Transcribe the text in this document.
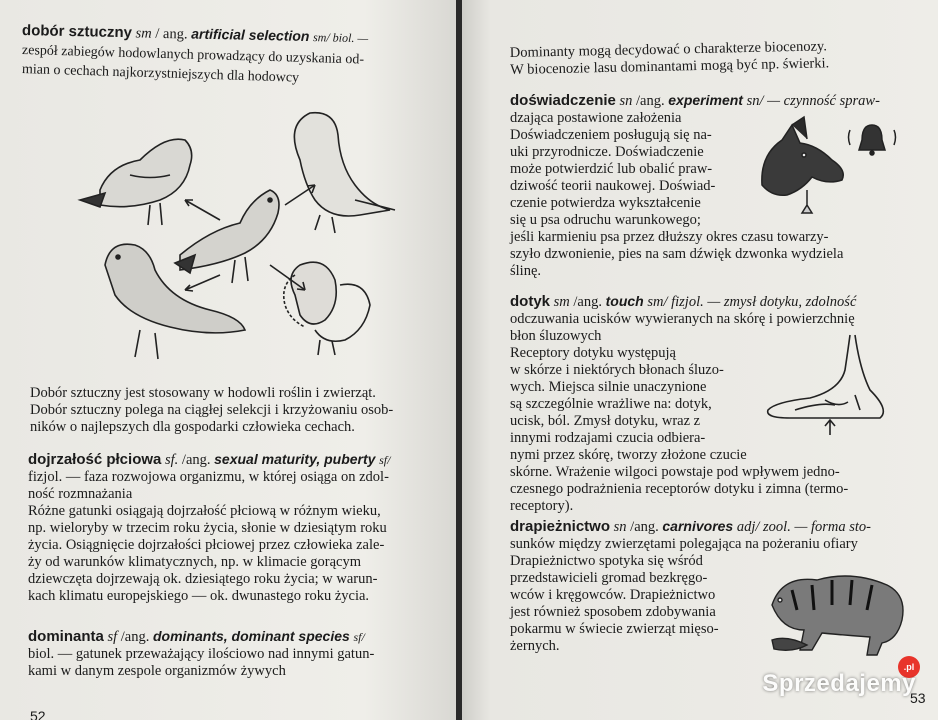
dobór sztuczny sm / ang. artificial selection sm/ biol. —
zespół zabiegów hodowlanych prowadzący do uzyskania od-
mian o cechach najkorzystniejszych dla hodowcy
Dobór sztuczny jest stosowany w hodowli roślin i zwierząt.
Dobór sztuczny polega na ciągłej selekcji i krzyżowaniu osob-
ników o najlepszych dla gospodarki człowieka cechach.
dojrzałość płciowa sf. /ang. sexual maturity, puberty sf/
fizjol. — faza rozwojowa organizmu, w której osiąga on zdol-
ność rozmnażania
Różne gatunki osiągają dojrzałość płciową w różnym wieku,
np. wieloryby w trzecim roku życia, słonie w dziesiątym roku
życia. Osiągnięcie dojrzałości płciowej przez człowieka zale-
ży od warunków klimatycznych, np. w klimacie gorącym
dziewczęta dojrzewają ok. dziesiątego roku życia; w warun-
kach klimatu europejskiego — ok. dwunastego roku życia.
dominanta sf /ang. dominants, dominant species sf/
biol. — gatunek przeważający ilościowo nad innymi gatun-
kami w danym zespole organizmów żywych
52
Dominanty mogą decydować o charakterze biocenozy.
W biocenozie lasu dominantami mogą być np. świerki.
doświadczenie sn /ang. experiment sn/ — czynność spraw-
dzająca postawione założenia
Doświadczeniem posługują się na-
uki przyrodnicze. Doświadczenie
może potwierdzić lub obalić praw-
dziwość teorii naukowej. Doświad-
czenie potwierdza wykształcenie
się u psa odruchu warunkowego;
jeśli karmieniu psa przez dłuższy okres czasu towarzy-
szyło dzwonienie, pies na sam dźwięk dzwonka wydziela
ślinę.
dotyk sm /ang. touch sm/ fizjol. — zmysł dotyku, zdolność
odczuwania ucisków wywieranych na skórę i powierzchnię
błon śluzowych
Receptory dotyku występują
w skórze i niektórych błonach śluzo-
wych. Miejsca silnie unaczynione
są szczególnie wrażliwe na: dotyk,
ucisk, ból. Zmysł dotyku, wraz z
innymi rodzajami czucia odbiera-
nymi przez skórę, tworzy złożone czucie
skórne. Wrażenie wilgoci powstaje pod wpływem jedno-
czesnego podrażnienia receptorów dotyku i zimna (termo-
receptory).
drapieżnictwo sn /ang. carnivores adj/ zool. — forma sto-
sunków między zwierzętami polegająca na pożeraniu ofiary
Drapieżnictwo spotyka się wśród
przedstawicieli gromad bezkręgo-
wców i kręgowców. Drapieżnictwo
jest również sposobem zdobywania
pokarmu w świecie zwierząt mięso-
żernych.
53
.pl
Sprzedajemy
